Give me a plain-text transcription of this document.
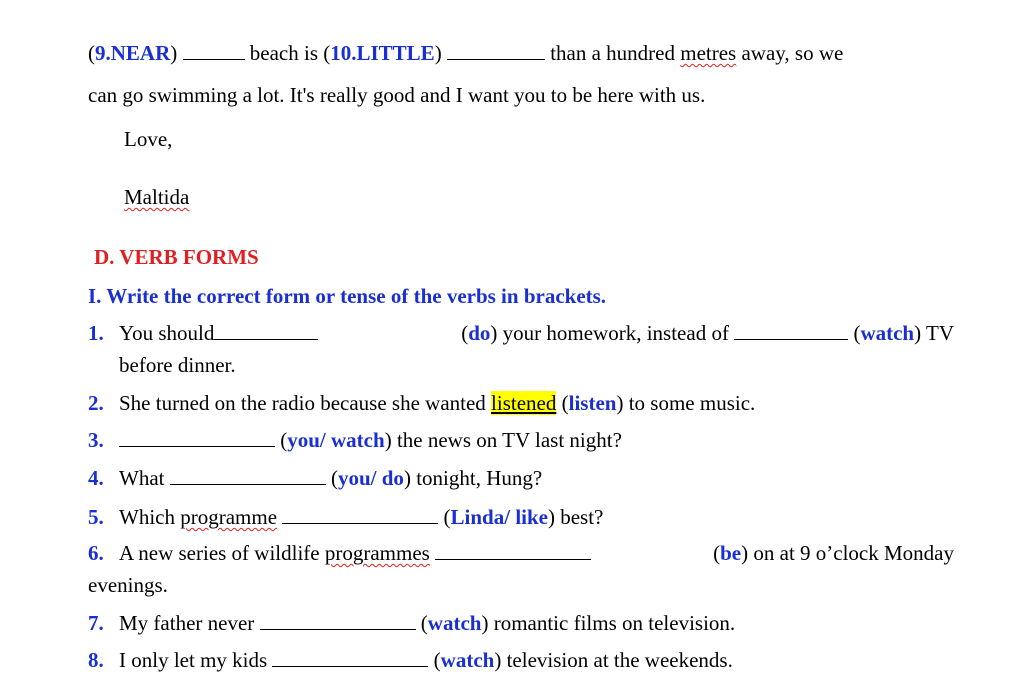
(9.NEAR)	beach is (10.LITTLE)	than a hundred metres away, so we
can go swimming a lot. It's really good and I want you to be here with us.
Love,
Maltida
D. VERB FORMS
I. Write the correct form or tense of the verbs in brackets.
1. You should	(do) your homework, instead of	(watch) TV
before dinner.
2. She turned on the radio because she wanted listened (listen) to some music.
3.	(you/ watch) the news on TV last night?
4. What	(you/ do) tonight, Hung?
5. Which programme	(Linda/ like) best?
6. A new series of wildlife programmes	(be) on at 9 o’clock Monday
evenings.
7. My father never	(watch) romantic films on television.
8. I only let my kids	(watch) television at the weekends.
